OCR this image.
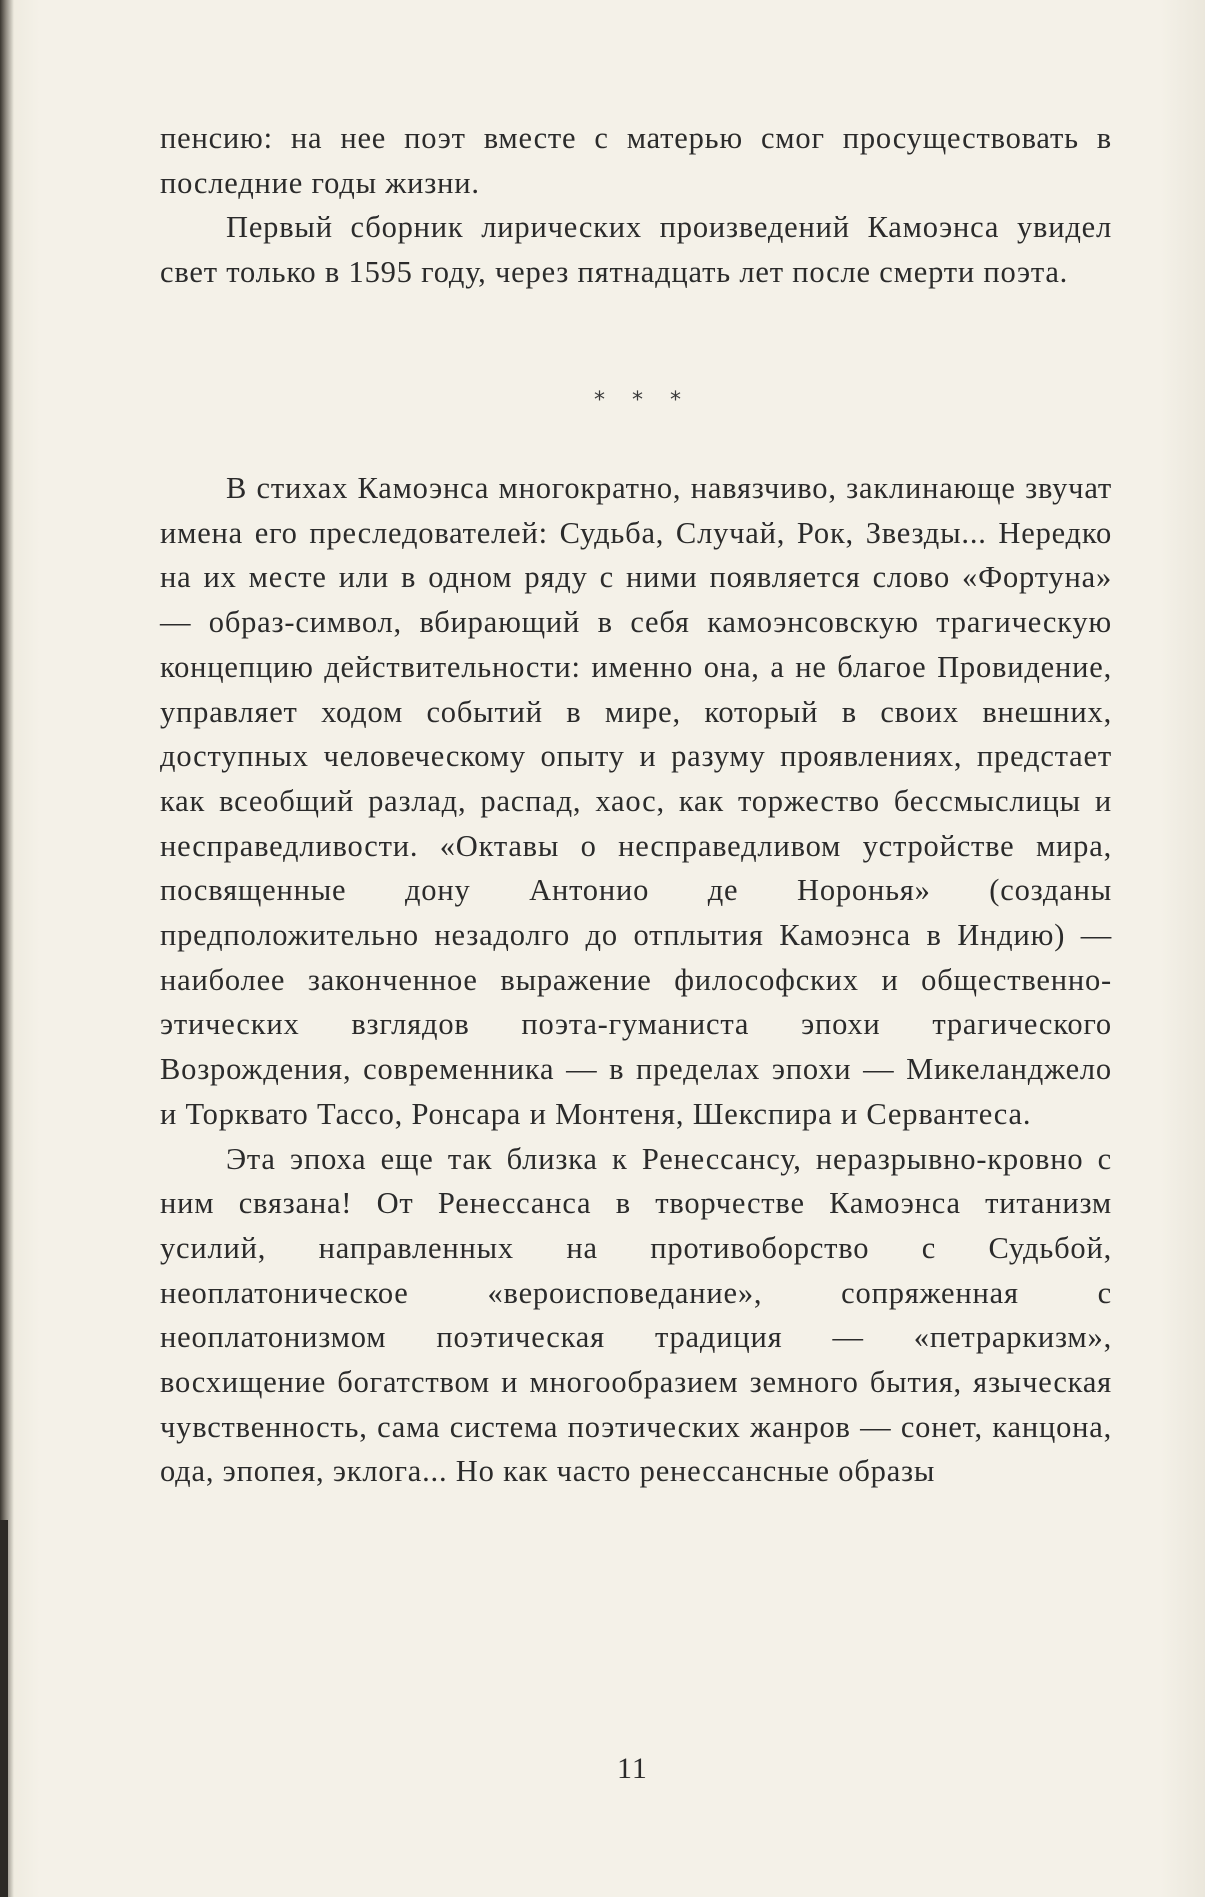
пенсию: на нее поэт вместе с матерью смог просуществовать в последние годы жизни.

Первый сборник лирических произведений Камоэнса увидел свет только в 1595 году, через пятнадцать лет после смерти поэта.

* * *

В стихах Камоэнса многократно, навязчиво, заклинающе звучат имена его преследователей: Судьба, Случай, Рок, Звезды... Нередко на их месте или в одном ряду с ними появляется слово «Фортуна» — образ-символ, вбирающий в себя камоэнсовскую трагическую концепцию действительности: именно она, а не благое Провидение, управляет ходом событий в мире, который в своих внешних, доступных человеческому опыту и разуму проявлениях, предстает как всеобщий разлад, распад, хаос, как торжество бессмыслицы и несправедливости. «Октавы о несправедливом устройстве мира, посвященные дону Антонио де Норонья» (созданы предположительно незадолго до отплытия Камоэнса в Индию) — наиболее законченное выражение философских и общественно-этических взглядов поэта-гуманиста эпохи трагического Возрождения, современника — в пределах эпохи — Микеланджело и Торквато Тассо, Ронсара и Монтеня, Шекспира и Сервантеса.

Эта эпоха еще так близка к Ренессансу, неразрывно-кровно с ним связана! От Ренессанса в творчестве Камоэнса титанизм усилий, направленных на противоборство с Судьбой, неоплатоническое «вероисповедание», сопряженная с неоплатонизмом поэтическая традиция — «петраркизм», восхищение богатством и многообразием земного бытия, языческая чувственность, сама система поэтических жанров — сонет, канцона, ода, эпопея, эклога... Но как часто ренессансные образы

11
